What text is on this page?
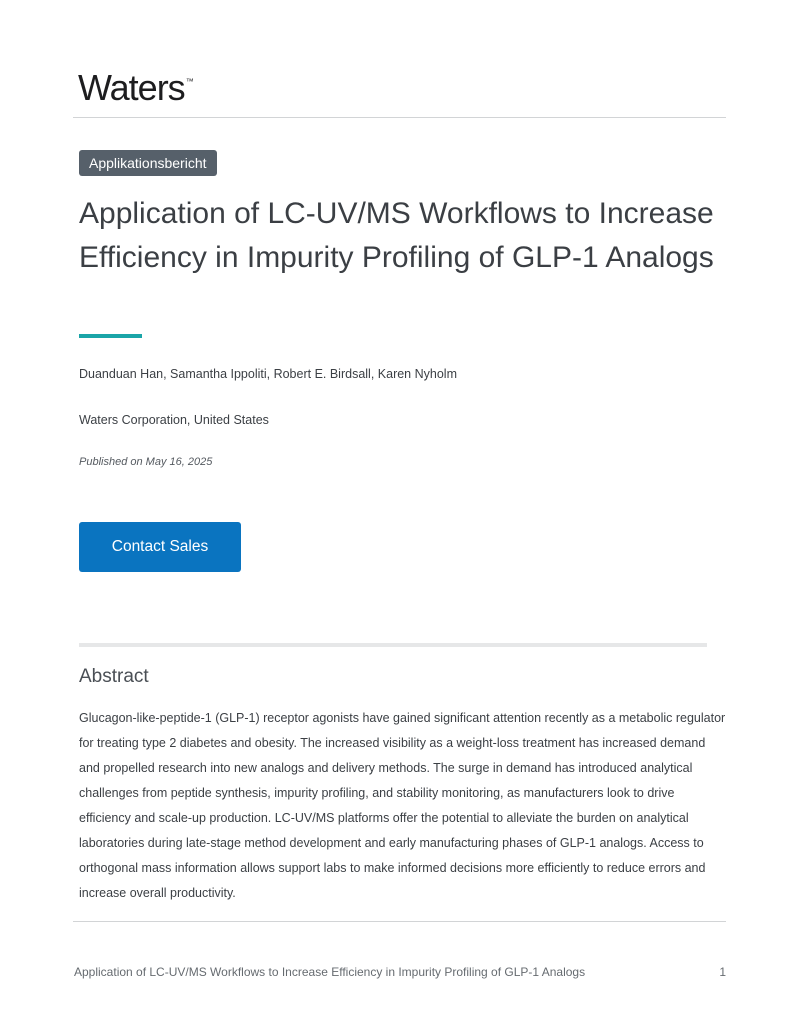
Waters™
Applikationsbericht
Application of LC-UV/MS Workflows to Increase Efficiency in Impurity Profiling of GLP-1 Analogs
Duanduan Han, Samantha Ippoliti, Robert E. Birdsall, Karen Nyholm
Waters Corporation, United States
Published on May 16, 2025
Contact Sales
Abstract

Glucagon-like-peptide-1 (GLP-1) receptor agonists have gained significant attention recently as a metabolic regulator for treating type 2 diabetes and obesity. The increased visibility as a weight-loss treatment has increased demand and propelled research into new analogs and delivery methods. The surge in demand has introduced analytical challenges from peptide synthesis, impurity profiling, and stability monitoring, as manufacturers look to drive efficiency and scale-up production. LC-UV/MS platforms offer the potential to alleviate the burden on analytical laboratories during late-stage method development and early manufacturing phases of GLP-1 analogs. Access to orthogonal mass information allows support labs to make informed decisions more efficiently to reduce errors and increase overall productivity.

Application of LC-UV/MS Workflows to Increase Efficiency in Impurity Profiling of GLP-1 Analogs	1
